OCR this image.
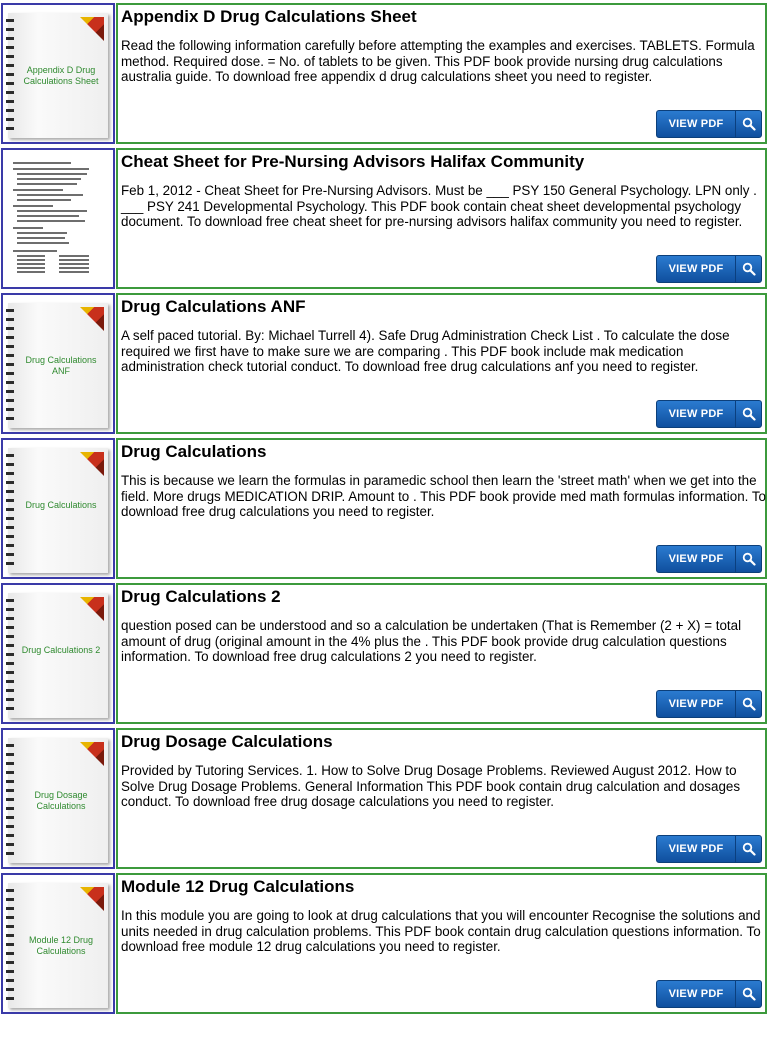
Appendix D Drug Calculations Sheet
Appendix D Drug Calculations Sheet
Read the following information carefully before attempting the examples and exercises. TABLETS. Formula method. Required dose. = No. of tablets to be given. This PDF book provide nursing drug calculations australia guide. To download free appendix d drug calculations sheet you need to register.
VIEW PDF
Cheat Sheet for Pre-Nursing Advisors Halifax Community
Feb 1, 2012 - Cheat Sheet for Pre-Nursing Advisors. Must be ___ PSY 150 General Psychology. LPN only . ___ PSY 241 Developmental Psychology. This PDF book contain cheat sheet developmental psychology document. To download free cheat sheet for pre-nursing advisors halifax community you need to register.
VIEW PDF
Drug Calculations ANF
Drug Calculations ANF
A self paced tutorial. By: Michael Turrell 4). Safe Drug Administration Check List . To calculate the dose required we first have to make sure we are comparing . This PDF book include mak medication administration check tutorial conduct. To download free drug calculations anf you need to register.
VIEW PDF
Drug Calculations
Drug Calculations
This is because we learn the formulas in paramedic school then learn the 'street math' when we get into the field. More drugs MEDICATION DRIP. Amount to . This PDF book provide med math formulas information. To download free drug calculations you need to register.
VIEW PDF
Drug Calculations 2
Drug Calculations 2
question posed can be understood and so a calculation be undertaken (That is Remember (2 + X) = total amount of drug (original amount in the 4% plus the . This PDF book provide drug calculation questions information. To download free drug calculations 2 you need to register.
VIEW PDF
Drug Dosage Calculations
Drug Dosage Calculations
Provided by Tutoring Services. 1. How to Solve Drug Dosage Problems. Reviewed August 2012. How to Solve Drug Dosage Problems. General Information This PDF book contain drug calculation and dosages conduct. To download free drug dosage calculations you need to register.
VIEW PDF
Module 12 Drug Calculations
Module 12 Drug Calculations
In this module you are going to look at drug calculations that you will encounter Recognise the solutions and units needed in drug calculation problems. This PDF book contain drug calculation questions information. To download free module 12 drug calculations you need to register.
VIEW PDF
